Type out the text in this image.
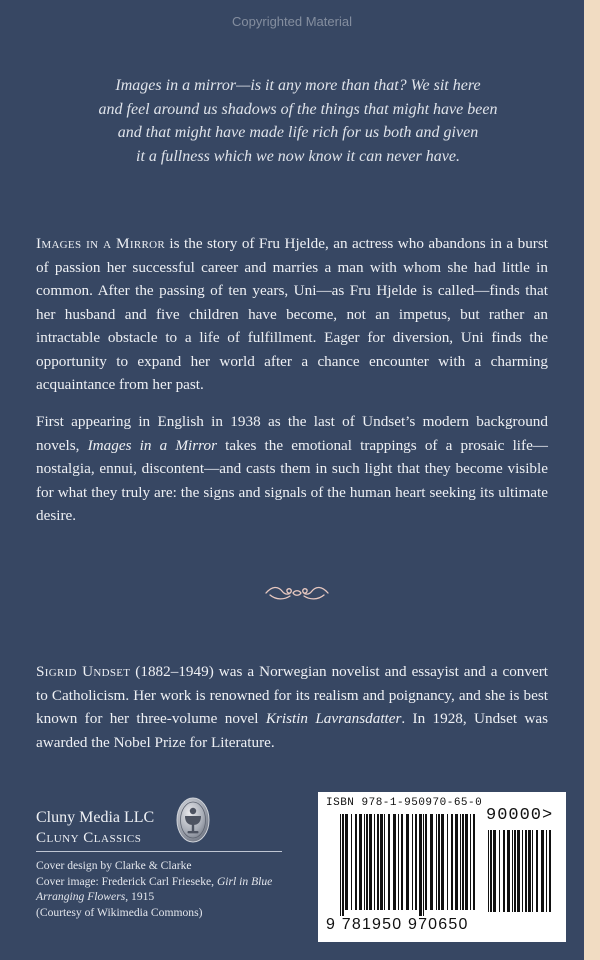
Copyrighted Material
Images in a mirror—is it any more than that? We sit here
and feel around us shadows of the things that might have been
and that might have made life rich for us both and given
it a fullness which we now know it can never have.

Images in a Mirror is the story of Fru Hjelde, an actress who abandons in a burst of passion her successful career and marries a man with whom she had little in common. After the passing of ten years, Uni—as Fru Hjelde is called—finds that her husband and five children have become, not an impetus, but rather an intractable obstacle to a life of fulfillment. Eager for diversion, Uni finds the opportunity to expand her world after a chance encounter with a charming acquaintance from her past.

First appearing in English in 1938 as the last of Undset’s modern background novels, Images in a Mirror takes the emotional trappings of a prosaic life—nostalgia, ennui, discontent—and casts them in such light that they become visible for what they truly are: the signs and signals of the human heart seeking its ultimate desire.

Sigrid Undset (1882–1949) was a Norwegian novelist and essayist and a convert to Catholicism. Her work is renowned for its realism and poignancy, and she is best known for her three-volume novel Kristin Lavransdatter. In 1928, Undset was awarded the Nobel Prize for Literature.

Cluny Media LLC
Cluny Classics
Cover design by Clarke & Clarke
Cover image: Frederick Carl Frieseke, Girl in Blue
Arranging Flowers, 1915
(Courtesy of Wikimedia Commons)
ISBN 978-1-950970-65-0
90000>
9 781950 970650
